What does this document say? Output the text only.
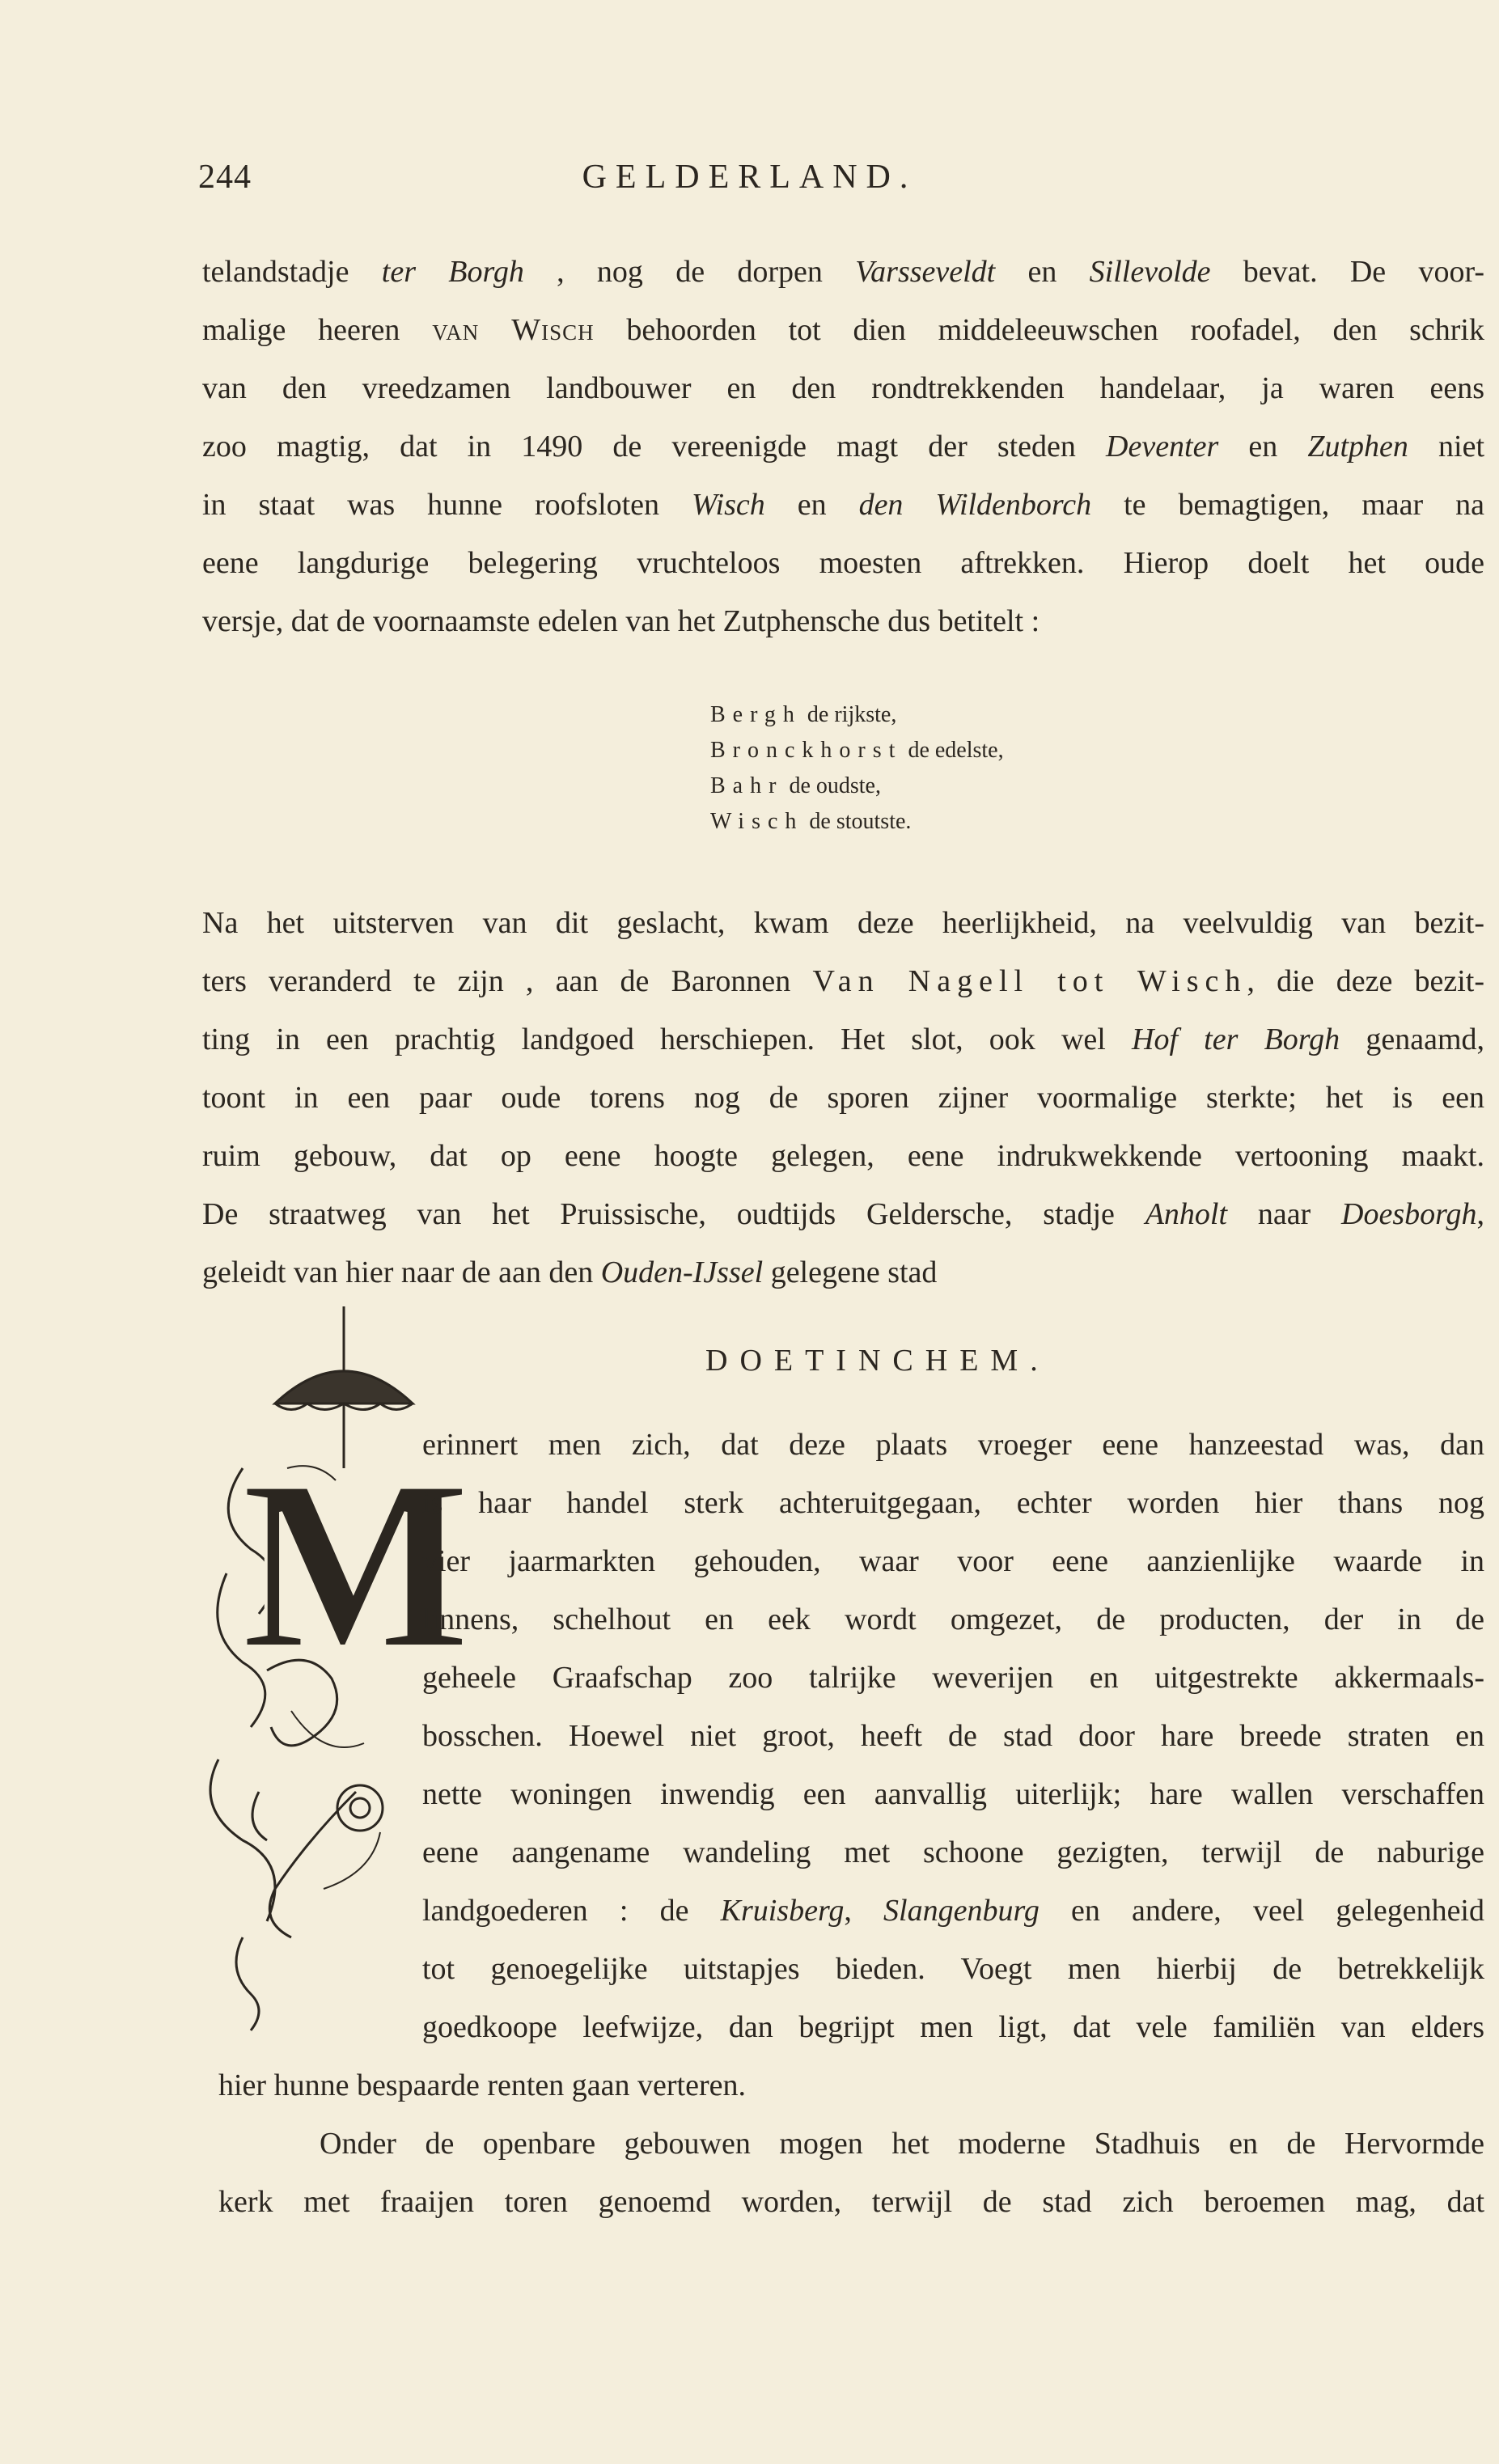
244	GELDERLAND.
telandstadje ter Borgh , nog de dorpen Varsseveldt en Sillevolde bevat. De voor-
malige heeren van Wisch behoorden tot dien middeleeuwschen roofadel, den schrik
van den vreedzamen landbouwer en den rondtrekkenden handelaar, ja waren eens
zoo magtig, dat in 1490 de vereenigde magt der steden Deventer en Zutphen niet
in staat was hunne roofsloten Wisch en den Wildenborch te bemagtigen, maar na
eene langdurige belegering vruchteloos moesten aftrekken. Hierop doelt het oude
versje, dat de voornaamste edelen van het Zutphensche dus betitelt :
Bergh de rijkste,
Bronckhorst de edelste,
Bahr de oudste,
Wisch de stoutste.
Na het uitsterven van dit geslacht, kwam deze heerlijkheid, na veelvuldig van bezit-
ters veranderd te zijn , aan de Baronnen Van Nagell tot Wisch, die deze bezit-
ting in een prachtig landgoed herschiepen. Het slot, ook wel Hof ter Borgh genaamd,
toont in een paar oude torens nog de sporen zijner voormalige sterkte; het is een
ruim gebouw, dat op eene hoogte gelegen, eene indrukwekkende vertooning maakt.
De straatweg van het Pruissische, oudtijds Geldersche, stadje Anholt naar Doesborgh,
geleidt van hier naar de aan den Ouden-IJssel gelegene stad
DOETINCHEM.
M
erinnert men zich, dat deze plaats vroeger eene hanzeestad was, dan
is haar handel sterk achteruitgegaan, echter worden hier thans nog
vier jaarmarkten gehouden, waar voor eene aanzienlijke waarde in
linnens, schelhout en eek wordt omgezet, de producten, der in de
geheele Graafschap zoo talrijke weverijen en uitgestrekte akkermaals-
bosschen. Hoewel niet groot, heeft de stad door hare breede straten en
nette woningen inwendig een aanvallig uiterlijk; hare wallen verschaffen
eene aangename wandeling met schoone gezigten, terwijl de naburige
landgoederen : de Kruisberg, Slangenburg en andere, veel gelegenheid
tot genoegelijke uitstapjes bieden. Voegt men hierbij de betrekkelijk
goedkoope leefwijze, dan begrijpt men ligt, dat vele familiën van elders
hier hunne bespaarde renten gaan verteren.
Onder de openbare gebouwen mogen het moderne Stadhuis en de Hervormde
kerk met fraaijen toren genoemd worden, terwijl de stad zich beroemen mag, dat
